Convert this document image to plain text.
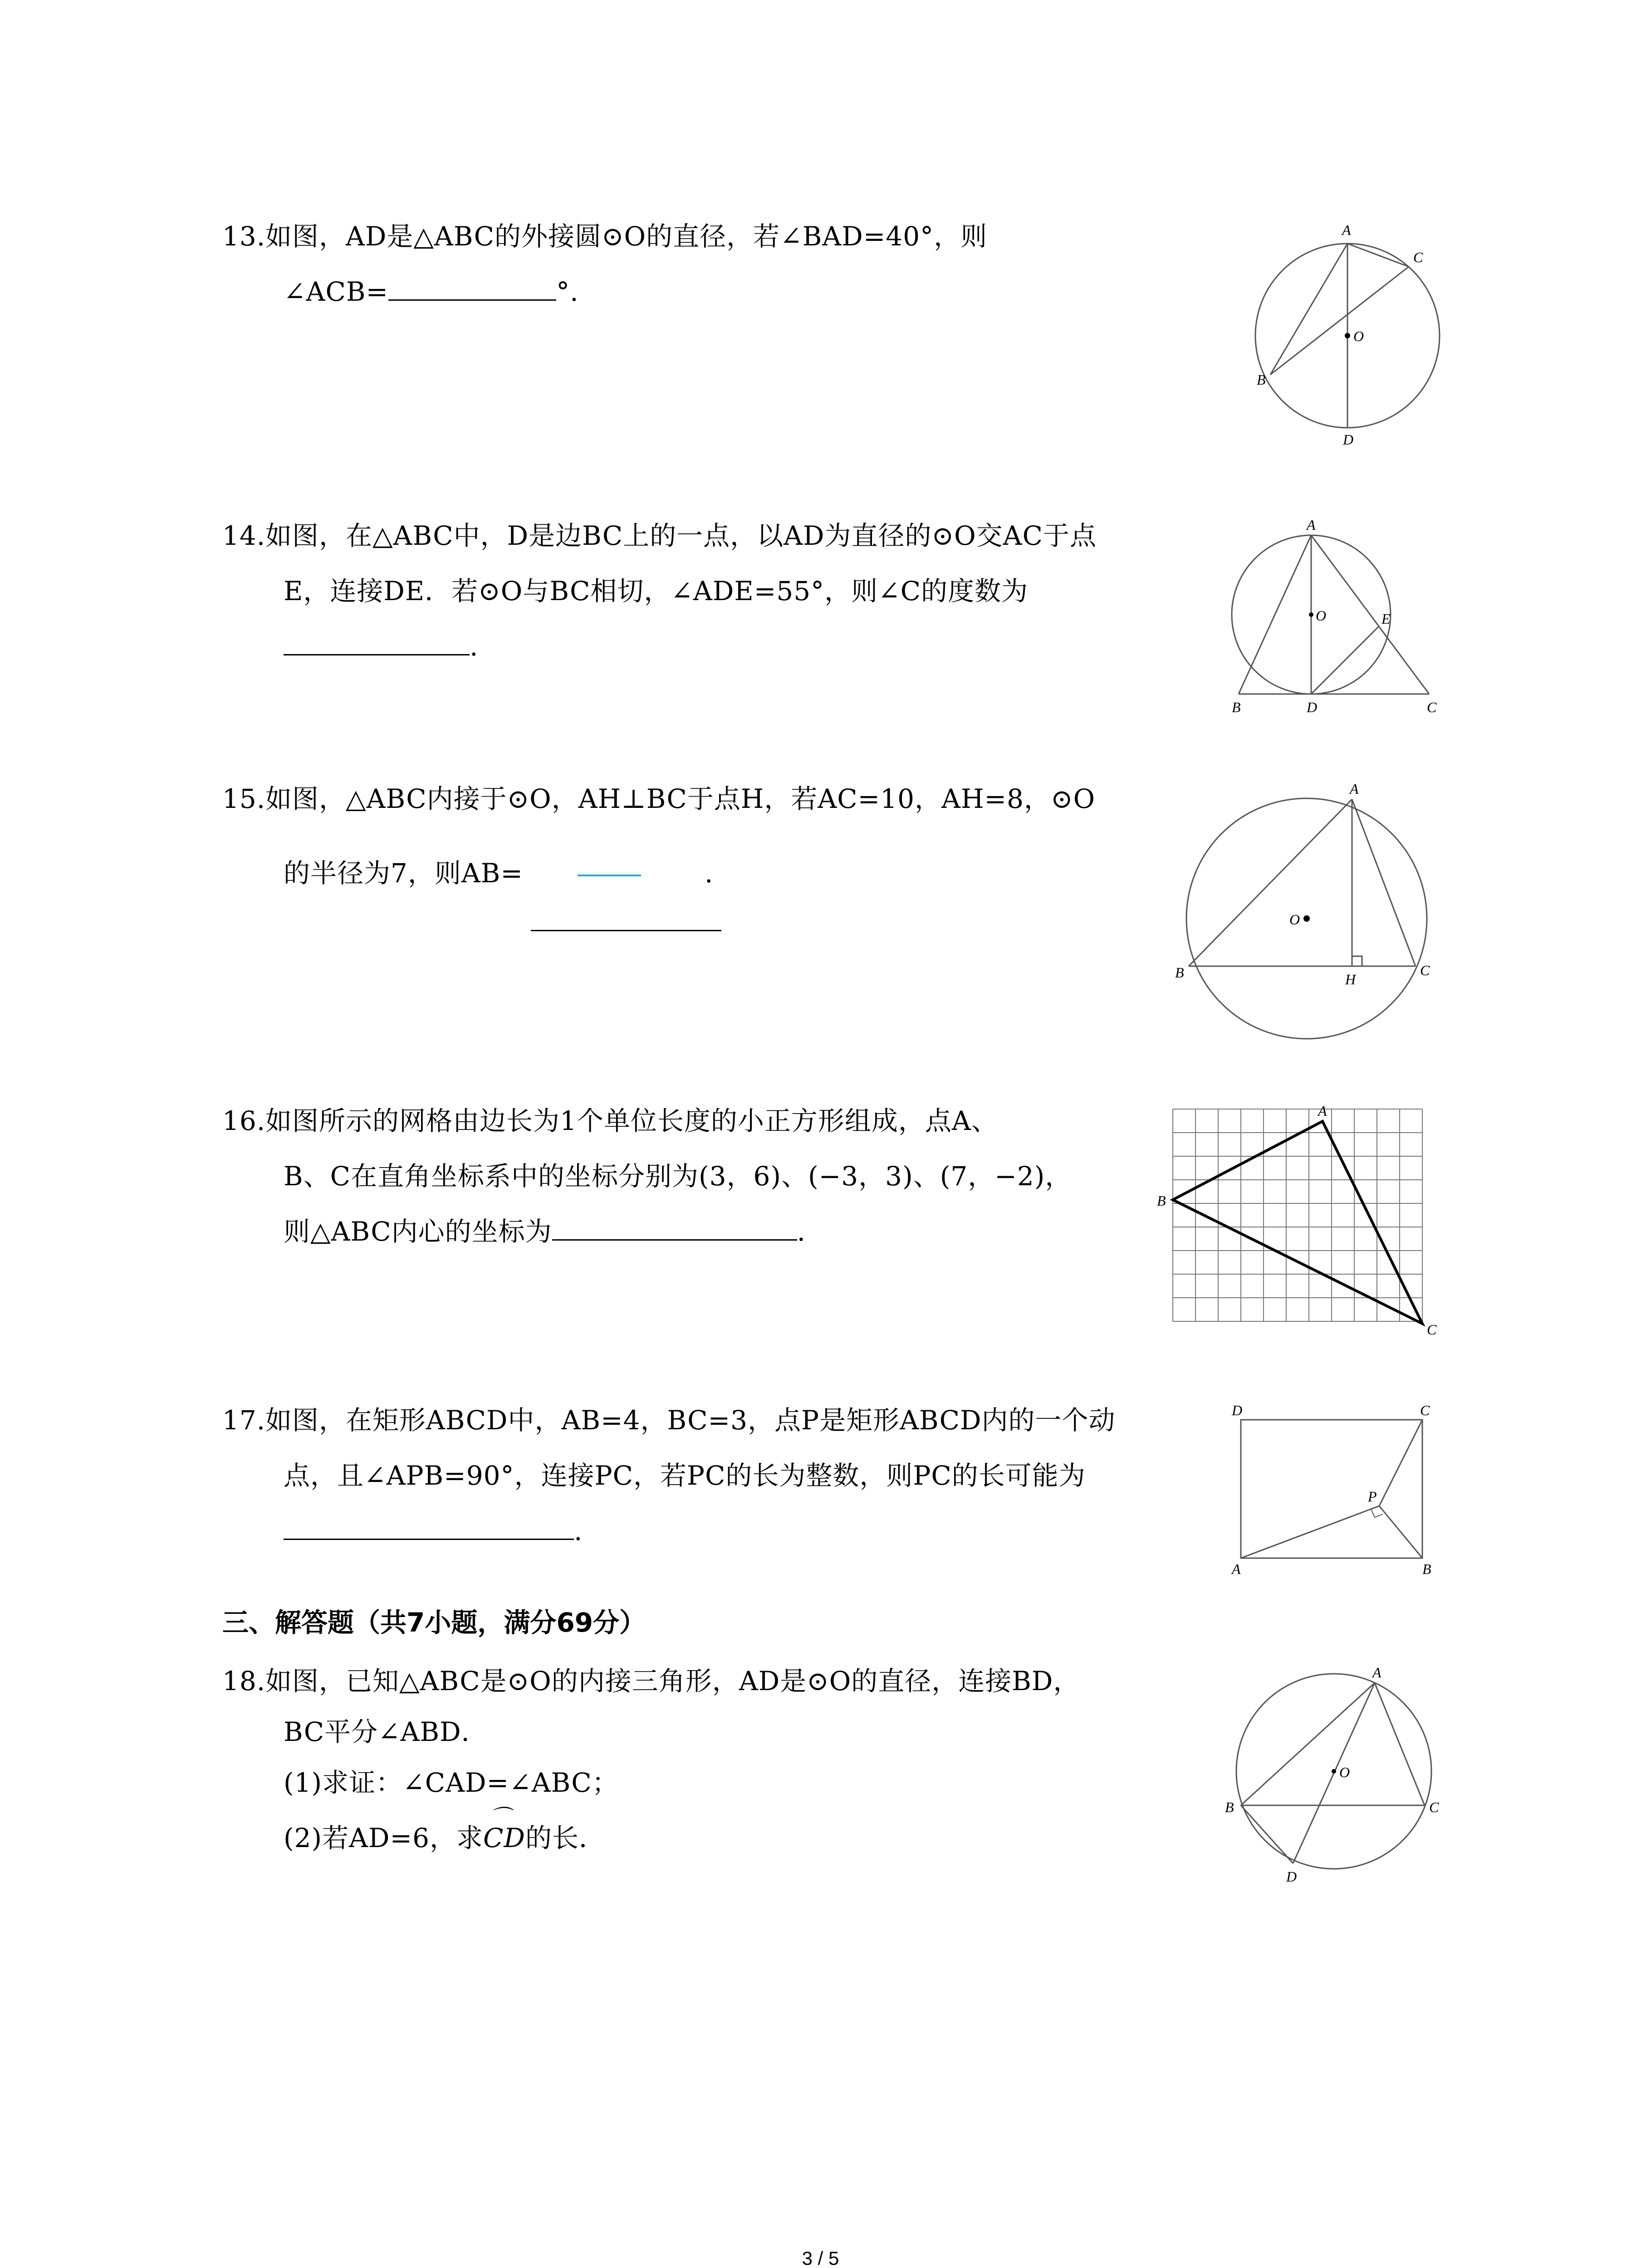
13.如图，AD是△ABC的外接圆⊙O的直径，若∠BAD=40°，则
∠ACB=	°.
A
C
O
B
D
14.如图，在△ABC中，D是边BC上的一点，以AD为直径的⊙O交AC于点
E，连接DE．若⊙O与BC相切，∠ADE=55°，则∠C的度数为
.
A
O	E
B	D	C
15.如图，△ABC内接于⊙O，AH⊥BC于点H，若AC=10，AH=8，⊙O
的半径为7，则AB=	.
A
O
B	H
C
16.如图所示的网格由边长为1个单位长度的小正方形组成，点A、
B、C在直角坐标系中的坐标分别为(3，6)、(−3，3)、(7，−2)，
则△ABC内心的坐标为	.
A
B
C
17.如图，在矩形ABCD中，AB=4，BC=3，点P是矩形ABCD内的一个动
点，且∠APB=90°，连接PC，若PC的长为整数，则PC的长可能为
.
D	C
P
A	B
三、解答题（共7小题，满分69分）
18.如图，已知△ABC是⊙O的内接三角形，AD是⊙O的直径，连接BD，
BC平分∠ABD．
(1)求证：∠CAD=∠ABC；
(2)若AD=6，求⌒ CD的长．
A
O
B	C
D
3 / 5
